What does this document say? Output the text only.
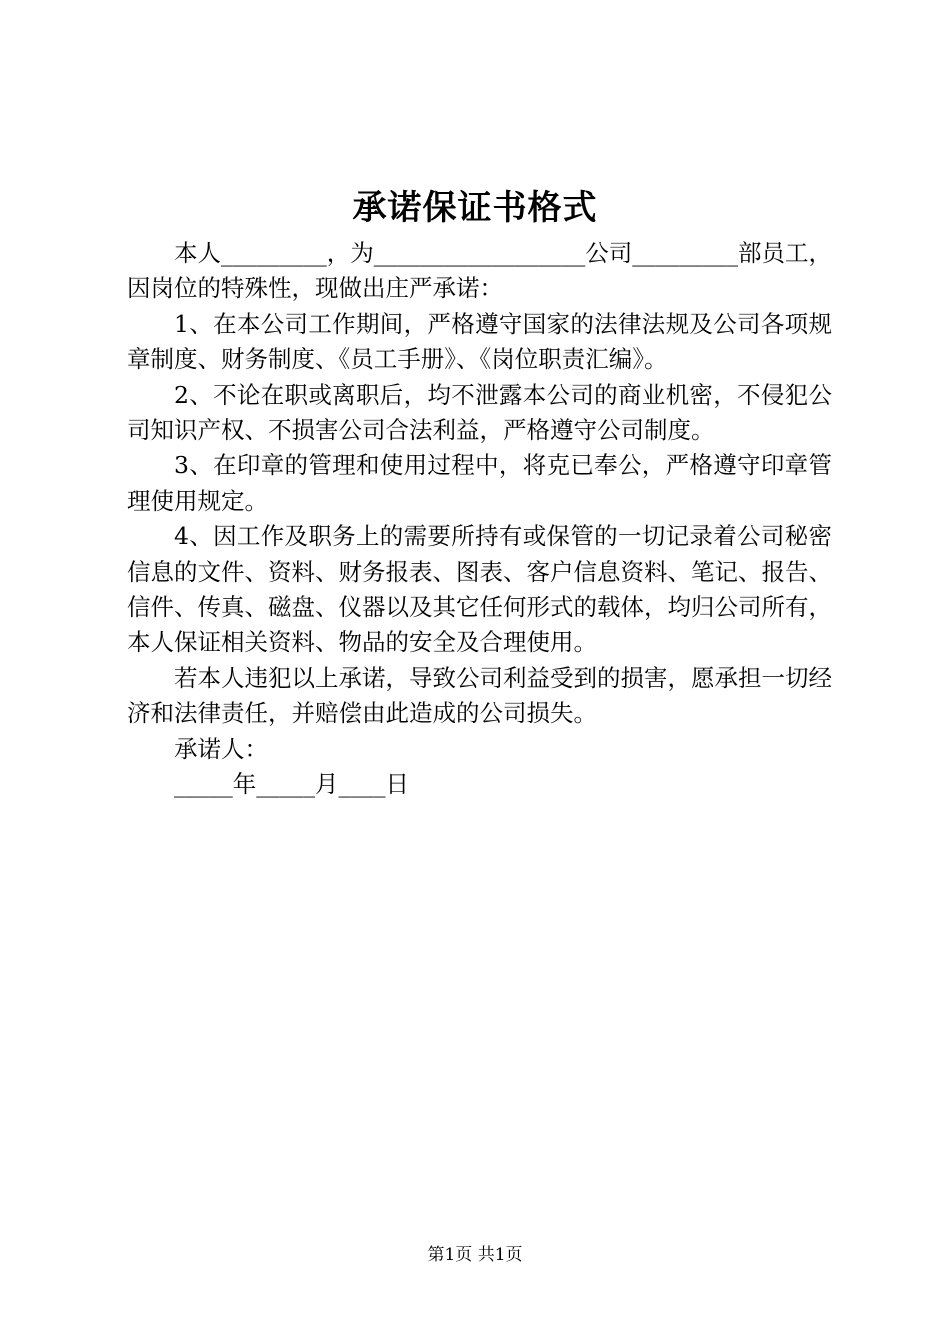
承诺保证书格式

本人_________，为__________________公司_________部员工，因岗位的特殊性，现做出庄严承诺：

1、在本公司工作期间，严格遵守国家的法律法规及公司各项规章制度、财务制度、《员工手册》、《岗位职责汇编》。

2、不论在职或离职后，均不泄露本公司的商业机密，不侵犯公司知识产权、不损害公司合法利益，严格遵守公司制度。

3、在印章的管理和使用过程中，将克已奉公，严格遵守印章管理使用规定。

4、因工作及职务上的需要所持有或保管的一切记录着公司秘密信息的文件、资料、财务报表、图表、客户信息资料、笔记、报告、信件、传真、磁盘、仪器以及其它任何形式的载体，均归公司所有，本人保证相关资料、物品的安全及合理使用。

若本人违犯以上承诺，导致公司利益受到的损害，愿承担一切经济和法律责任，并赔偿由此造成的公司损失。

承诺人：
_____年_____月____日
第1页 共1页
